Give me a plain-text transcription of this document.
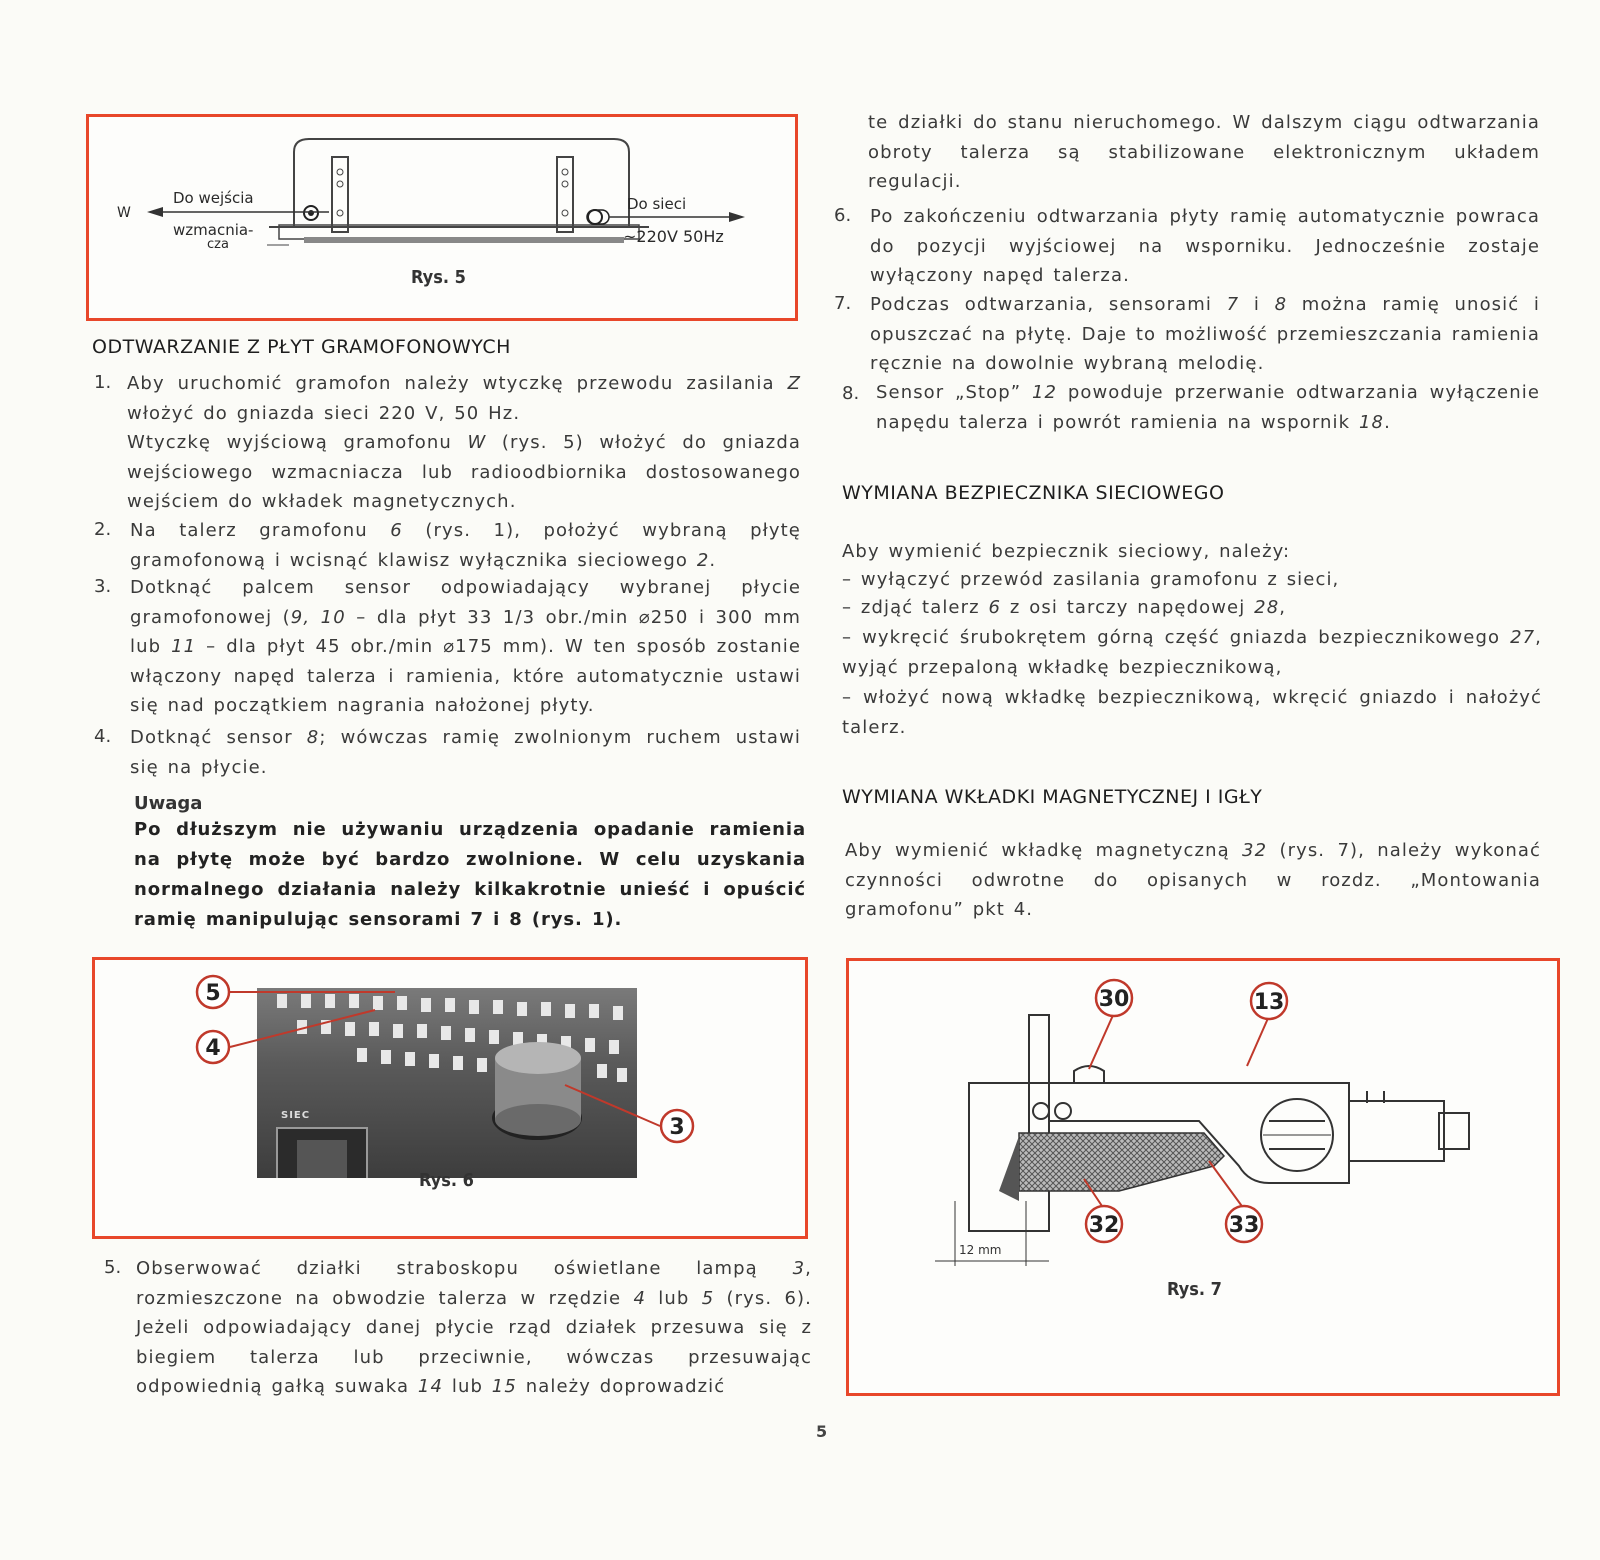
W
Do wejścia
wzmacnia-
cza
Do sieci
~220V 50Hz
Rys. 5
ODTWARZANIE Z PŁYT GRAMOFONOWYCH
1. Aby uruchomić gramofon należy wtyczkę przewodu zasilania Z włożyć do gniazda sieci 220 V, 50 Hz.
Wtyczkę wyjściową gramofonu W (rys. 5) włożyć do gniazda wejściowego wzmacniacza lub radioodbiornika dostosowanego wejściem do wkładek magnetycznych.
2. Na talerz gramofonu 6 (rys. 1), położyć wybraną płytę gramofonową i wcisnąć klawisz wyłącznika sieciowego 2.
3. Dotknąć palcem sensor odpowiadający wybranej płycie gramofonowej (9, 10 – dla płyt 33 1/3 obr./min ⌀250 i 300 mm lub 11 – dla płyt 45 obr./min ⌀175 mm). W ten sposób zostanie włączony napęd talerza i ramienia, które automatycznie ustawi się nad początkiem nagrania nałożonej płyty.
4. Dotknąć sensor 8; wówczas ramię zwolnionym ruchem ustawi się na płycie.
Uwaga
Po dłuższym nie używaniu urządzenia opadanie ramienia na płytę może być bardzo zwolnione. W celu uzyskania normalnego działania należy kilkakrotnie unieść i opuścić ramię manipulując sensorami 7 i 8 (rys. 1).
SIEC
5
4
3
Rys. 6
5. Obserwować działki straboskopu oświetlane lampą 3, rozmieszczone na obwodzie talerza w rzędzie 4 lub 5 (rys. 6). Jeżeli odpowiadający danej płycie rząd działek przesuwa się z biegiem talerza lub przeciwnie, wówczas przesuwając odpowiednią gałką suwaka 14 lub 15 należy doprowadzić
te działki do stanu nieruchomego. W dalszym ciągu odtwarzania obroty talerza są stabilizowane elektronicznym układem regulacji.
6. Po zakończeniu odtwarzania płyty ramię automatycznie powraca do pozycji wyjściowej na wsporniku. Jednocześnie zostaje wyłączony napęd talerza.
7. Podczas odtwarzania, sensorami 7 i 8 można ramię unosić i opuszczać na płytę. Daje to możliwość przemieszczania ramienia ręcznie na dowolnie wybraną melodię.
8. Sensor „Stop” 12 powoduje przerwanie odtwarzania wyłączenie napędu talerza i powrót ramienia na wspornik 18.
WYMIANA BEZPIECZNIKA SIECIOWEGO
Aby wymienić bezpiecznik sieciowy, należy:
– wyłączyć przewód zasilania gramofonu z sieci,
– zdjąć talerz 6 z osi tarczy napędowej 28,
– wykręcić śrubokrętem górną część gniazda bezpiecznikowego 27, wyjąć przepaloną wkładkę bezpiecznikową,
– włożyć nową wkładkę bezpiecznikową, wkręcić gniazdo i nałożyć talerz.
WYMIANA WKŁADKI MAGNETYCZNEJ I IGŁY
Aby wymienić wkładkę magnetyczną 32 (rys. 7), należy wykonać czynności odwrotne do opisanych w rozdz. „Montowania gramofonu” pkt 4.
30	13
32	33
12 mm
Rys. 7
5
